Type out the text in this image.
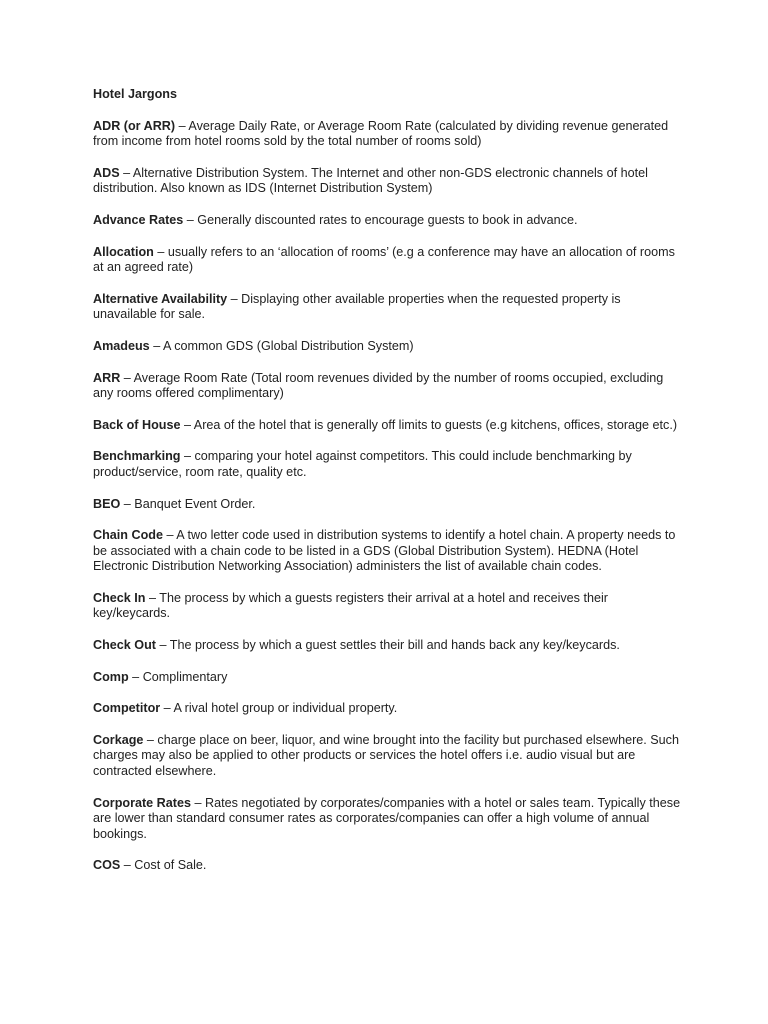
Hotel Jargons
ADR (or ARR) – Average Daily Rate, or Average Room Rate (calculated by dividing revenue generated from income from hotel rooms sold by the total number of rooms sold)
ADS – Alternative Distribution System. The Internet and other non-GDS electronic channels of hotel distribution. Also known as IDS (Internet Distribution System)
Advance Rates – Generally discounted rates to encourage guests to book in advance.
Allocation – usually refers to an ‘allocation of rooms’ (e.g a conference may have an allocation of rooms at an agreed rate)
Alternative Availability – Displaying other available properties when the requested property is unavailable for sale.
Amadeus – A common GDS (Global Distribution System)
ARR – Average Room Rate (Total room revenues divided by the number of rooms occupied, excluding any rooms offered complimentary)
Back of House – Area of the hotel that is generally off limits to guests (e.g kitchens, offices, storage etc.)
Benchmarking – comparing your hotel against competitors. This could include benchmarking by product/service, room rate, quality etc.
BEO – Banquet Event Order.
Chain Code – A two letter code used in distribution systems to identify a hotel chain. A property needs to be associated with a chain code to be listed in a GDS (Global Distribution System). HEDNA (Hotel Electronic Distribution Networking Association) administers the list of available chain codes.
Check In – The process by which a guests registers their arrival at a hotel and receives their key/keycards.
Check Out – The process by which a guest settles their bill and hands back any key/keycards.
Comp – Complimentary
Competitor – A rival hotel group or individual property.
Corkage – charge place on beer, liquor, and wine brought into the facility but purchased elsewhere. Such charges may also be applied to other products or services the hotel offers i.e. audio visual but are contracted elsewhere.
Corporate Rates – Rates negotiated by corporates/companies with a hotel or sales team. Typically these are lower than standard consumer rates as corporates/companies can offer a high volume of annual bookings.
COS – Cost of Sale.
